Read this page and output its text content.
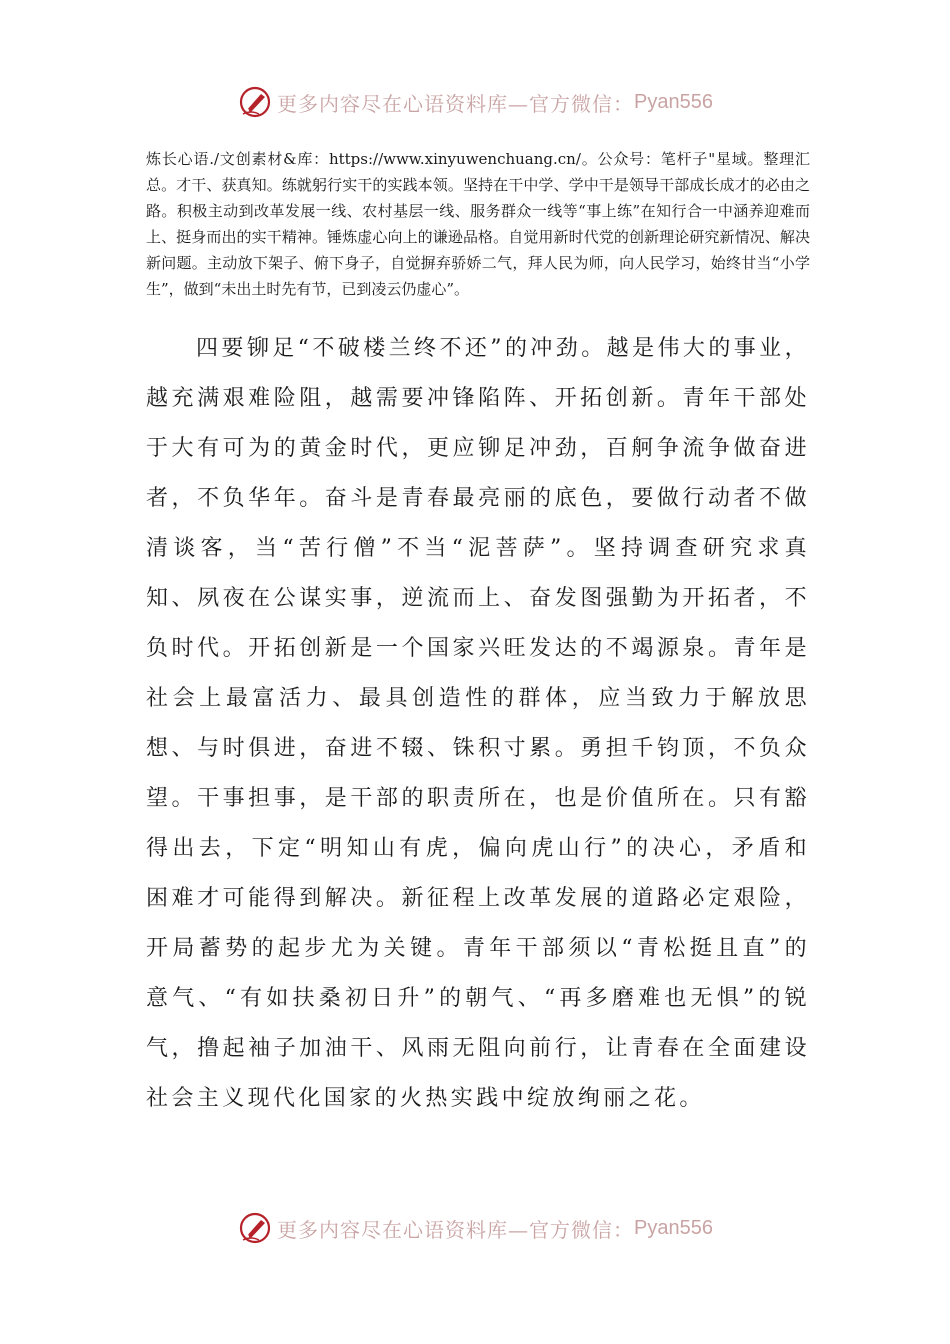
更多内容尽在心语资料库—官方微信： Pyan556

炼长心语./文创素材&库：https://www.xinyuwenchuang.cn/。公众号：笔杆子"星域。整理汇总。才干、获真知。练就躬行实干的实践本领。坚持在干中学、学中干是领导干部成长成才的必由之路。积极主动到改革发展一线、农村基层一线、服务群众一线等“事上练”在知行合一中涵养迎难而上、挺身而出的实干精神。锤炼虚心向上的谦逊品格。自觉用新时代党的创新理论研究新情况、解决新问题。主动放下架子、俯下身子，自觉摒弃骄娇二气，拜人民为师，向人民学习，始终甘当“小学生”，做到“未出土时先有节，已到凌云仍虚心”。

四要铆足“不破楼兰终不还”的冲劲。越是伟大的事业，越充满艰难险阻，越需要冲锋陷阵、开拓创新。青年干部处于大有可为的黄金时代，更应铆足冲劲，百舸争流争做奋进者，不负华年。奋斗是青春最亮丽的底色，要做行动者不做清谈客，当“苦行僧”不当“泥菩萨”。坚持调查研究求真知、夙夜在公谋实事，逆流而上、奋发图强勤为开拓者，不负时代。开拓创新是一个国家兴旺发达的不竭源泉。青年是社会上最富活力、最具创造性的群体，应当致力于解放思想、与时俱进，奋进不辍、铢积寸累。勇担千钧顶，不负众望。干事担事，是干部的职责所在，也是价值所在。只有豁得出去，下定“明知山有虎，偏向虎山行”的决心，矛盾和困难才可能得到解决。新征程上改革发展的道路必定艰险，开局蓄势的起步尤为关键。青年干部须以“青松挺且直”的意气、“有如扶桑初日升”的朝气、“再多磨难也无惧”的锐气，撸起袖子加油干、风雨无阻向前行，让青春在全面建设社会主义现代化国家的火热实践中绽放绚丽之花。

更多内容尽在心语资料库—官方微信： Pyan556
